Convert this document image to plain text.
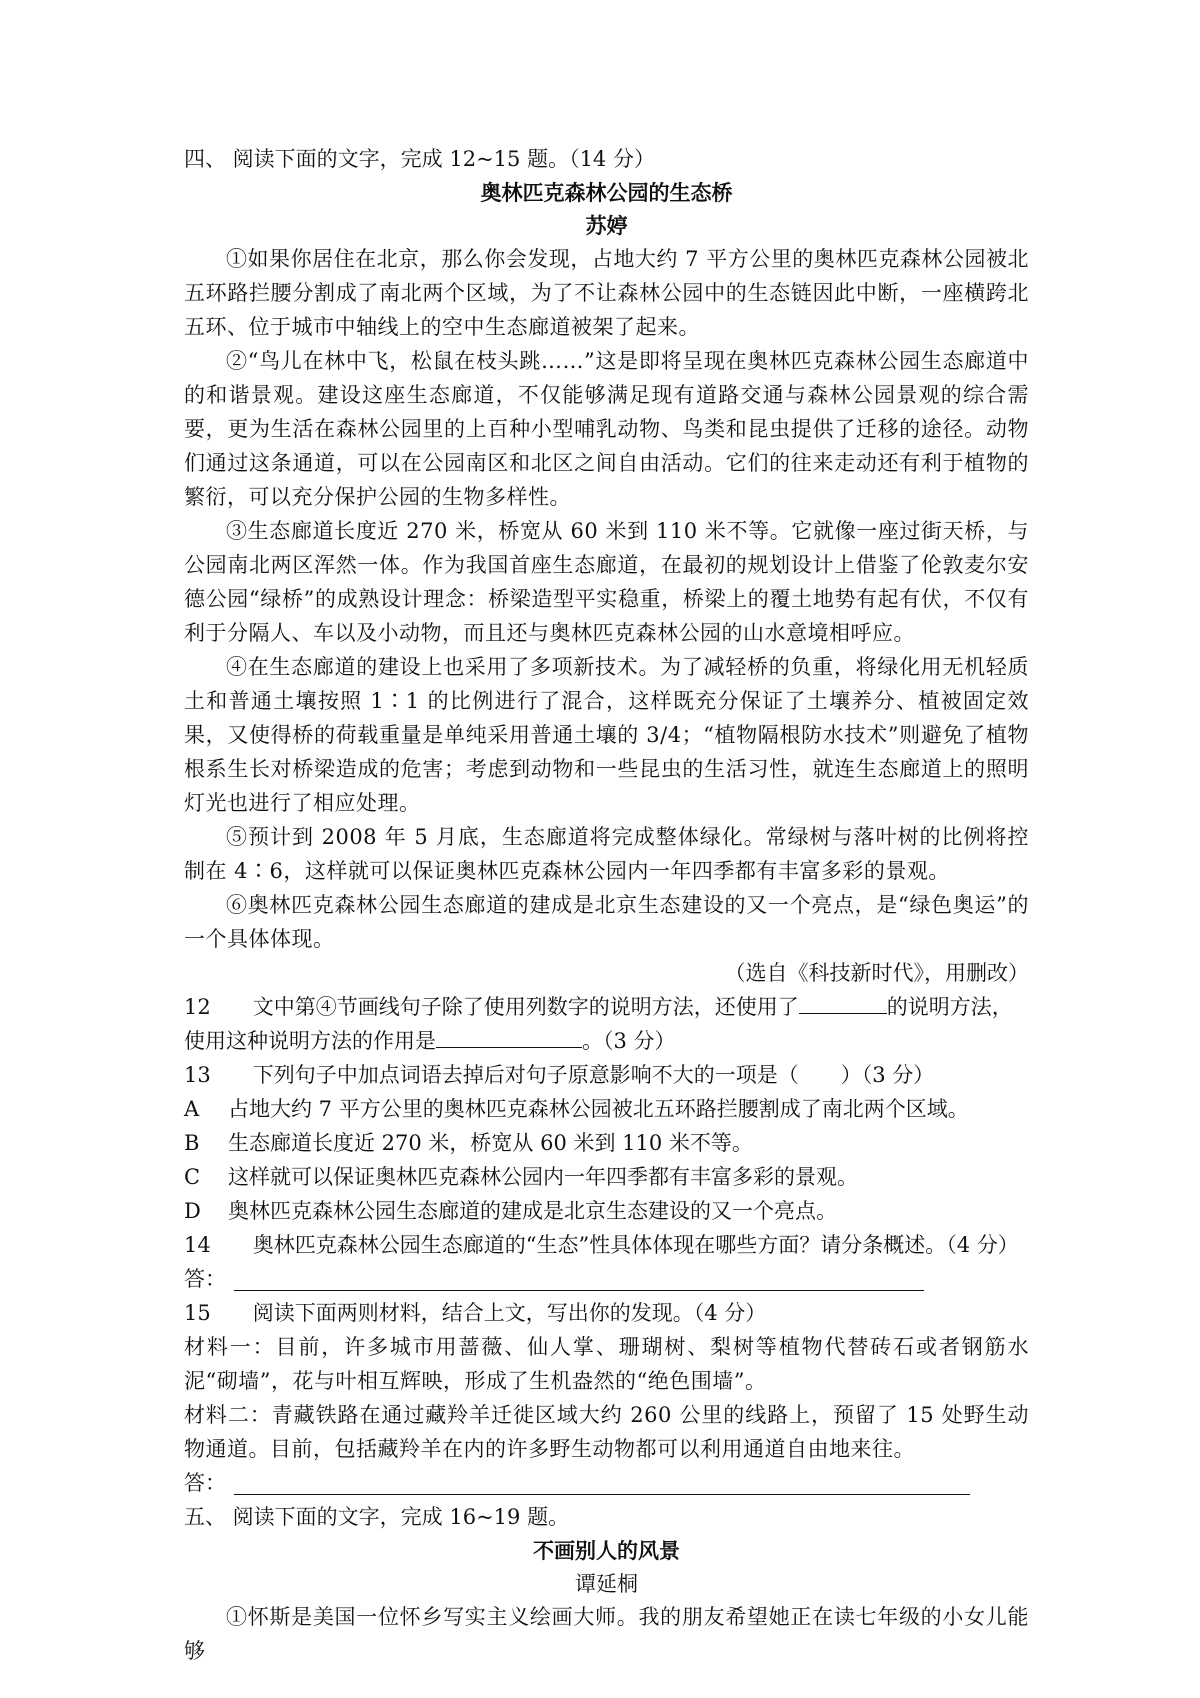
四、 阅读下面的文字，完成 12~15 题。（14 分）
奥林匹克森林公园的生态桥
苏婷
①如果你居住在北京，那么你会发现，占地大约 7 平方公里的奥林匹克森林公园被北五环路拦腰分割成了南北两个区域，为了不让森林公园中的生态链因此中断，一座横跨北五环、位于城市中轴线上的空中生态廊道被架了起来。
②“鸟儿在林中飞，松鼠在枝头跳……”这是即将呈现在奥林匹克森林公园生态廊道中的和谐景观。建设这座生态廊道，不仅能够满足现有道路交通与森林公园景观的综合需要，更为生活在森林公园里的上百种小型哺乳动物、鸟类和昆虫提供了迁移的途径。动物们通过这条通道，可以在公园南区和北区之间自由活动。它们的往来走动还有利于植物的繁衍，可以充分保护公园的生物多样性。
③生态廊道长度近 270 米，桥宽从 60 米到 110 米不等。它就像一座过街天桥，与公园南北两区浑然一体。作为我国首座生态廊道，在最初的规划设计上借鉴了伦敦麦尔安德公园“绿桥”的成熟设计理念：桥梁造型平实稳重，桥梁上的覆土地势有起有伏，不仅有利于分隔人、车以及小动物，而且还与奥林匹克森林公园的山水意境相呼应。
④在生态廊道的建设上也采用了多项新技术。为了减轻桥的负重，将绿化用无机轻质土和普通土壤按照 1∶1 的比例进行了混合，这样既充分保证了土壤养分、植被固定效果，又使得桥的荷载重量是单纯采用普通土壤的 3/4；“植物隔根防水技术”则避免了植物根系生长对桥梁造成的危害；考虑到动物和一些昆虫的生活习性，就连生态廊道上的照明灯光也进行了相应处理。
⑤预计到 2008 年 5 月底，生态廊道将完成整体绿化。常绿树与落叶树的比例将控制在 4∶6，这样就可以保证奥林匹克森林公园内一年四季都有丰富多彩的景观。
⑥奥林匹克森林公园生态廊道的建成是北京生态建设的又一个亮点，是“绿色奥运”的一个具体体现。
（选自《科技新时代》，用删改）
12　　文中第④节画线句子除了使用列数字的说明方法，还使用了	的说明方法，
使用这种说明方法的作用是	。（3 分）
13　　下列句子中加点词语去掉后对句子原意影响不大的一项是（　　）（3 分）
A 占地大约 7 平方公里的奥林匹克森林公园被北五环路拦腰割成了南北两个区域。
B 生态廊道长度近 270 米，桥宽从 60 米到 110 米不等。
C 这样就可以保证奥林匹克森林公园内一年四季都有丰富多彩的景观。
D 奥林匹克森林公园生态廊道的建成是北京生态建设的又一个亮点。
14　　奥林匹克森林公园生态廊道的“生态”性具体体现在哪些方面？请分条概述。（4 分）
答：
15　　阅读下面两则材料，结合上文，写出你的发现。（4 分）
材料一：目前，许多城市用蔷薇、仙人掌、珊瑚树、梨树等植物代替砖石或者钢筋水泥“砌墙”，花与叶相互辉映，形成了生机盎然的“绝色围墙”。
材料二：青藏铁路在通过藏羚羊迁徙区域大约 260 公里的线路上，预留了 15 处野生动物通道。目前，包括藏羚羊在内的许多野生动物都可以利用通道自由地来往。
答：
五、 阅读下面的文字，完成 16~19 题。
不画别人的风景
谭延桐
①怀斯是美国一位怀乡写实主义绘画大师。我的朋友希望她正在读七年级的小女儿能够
